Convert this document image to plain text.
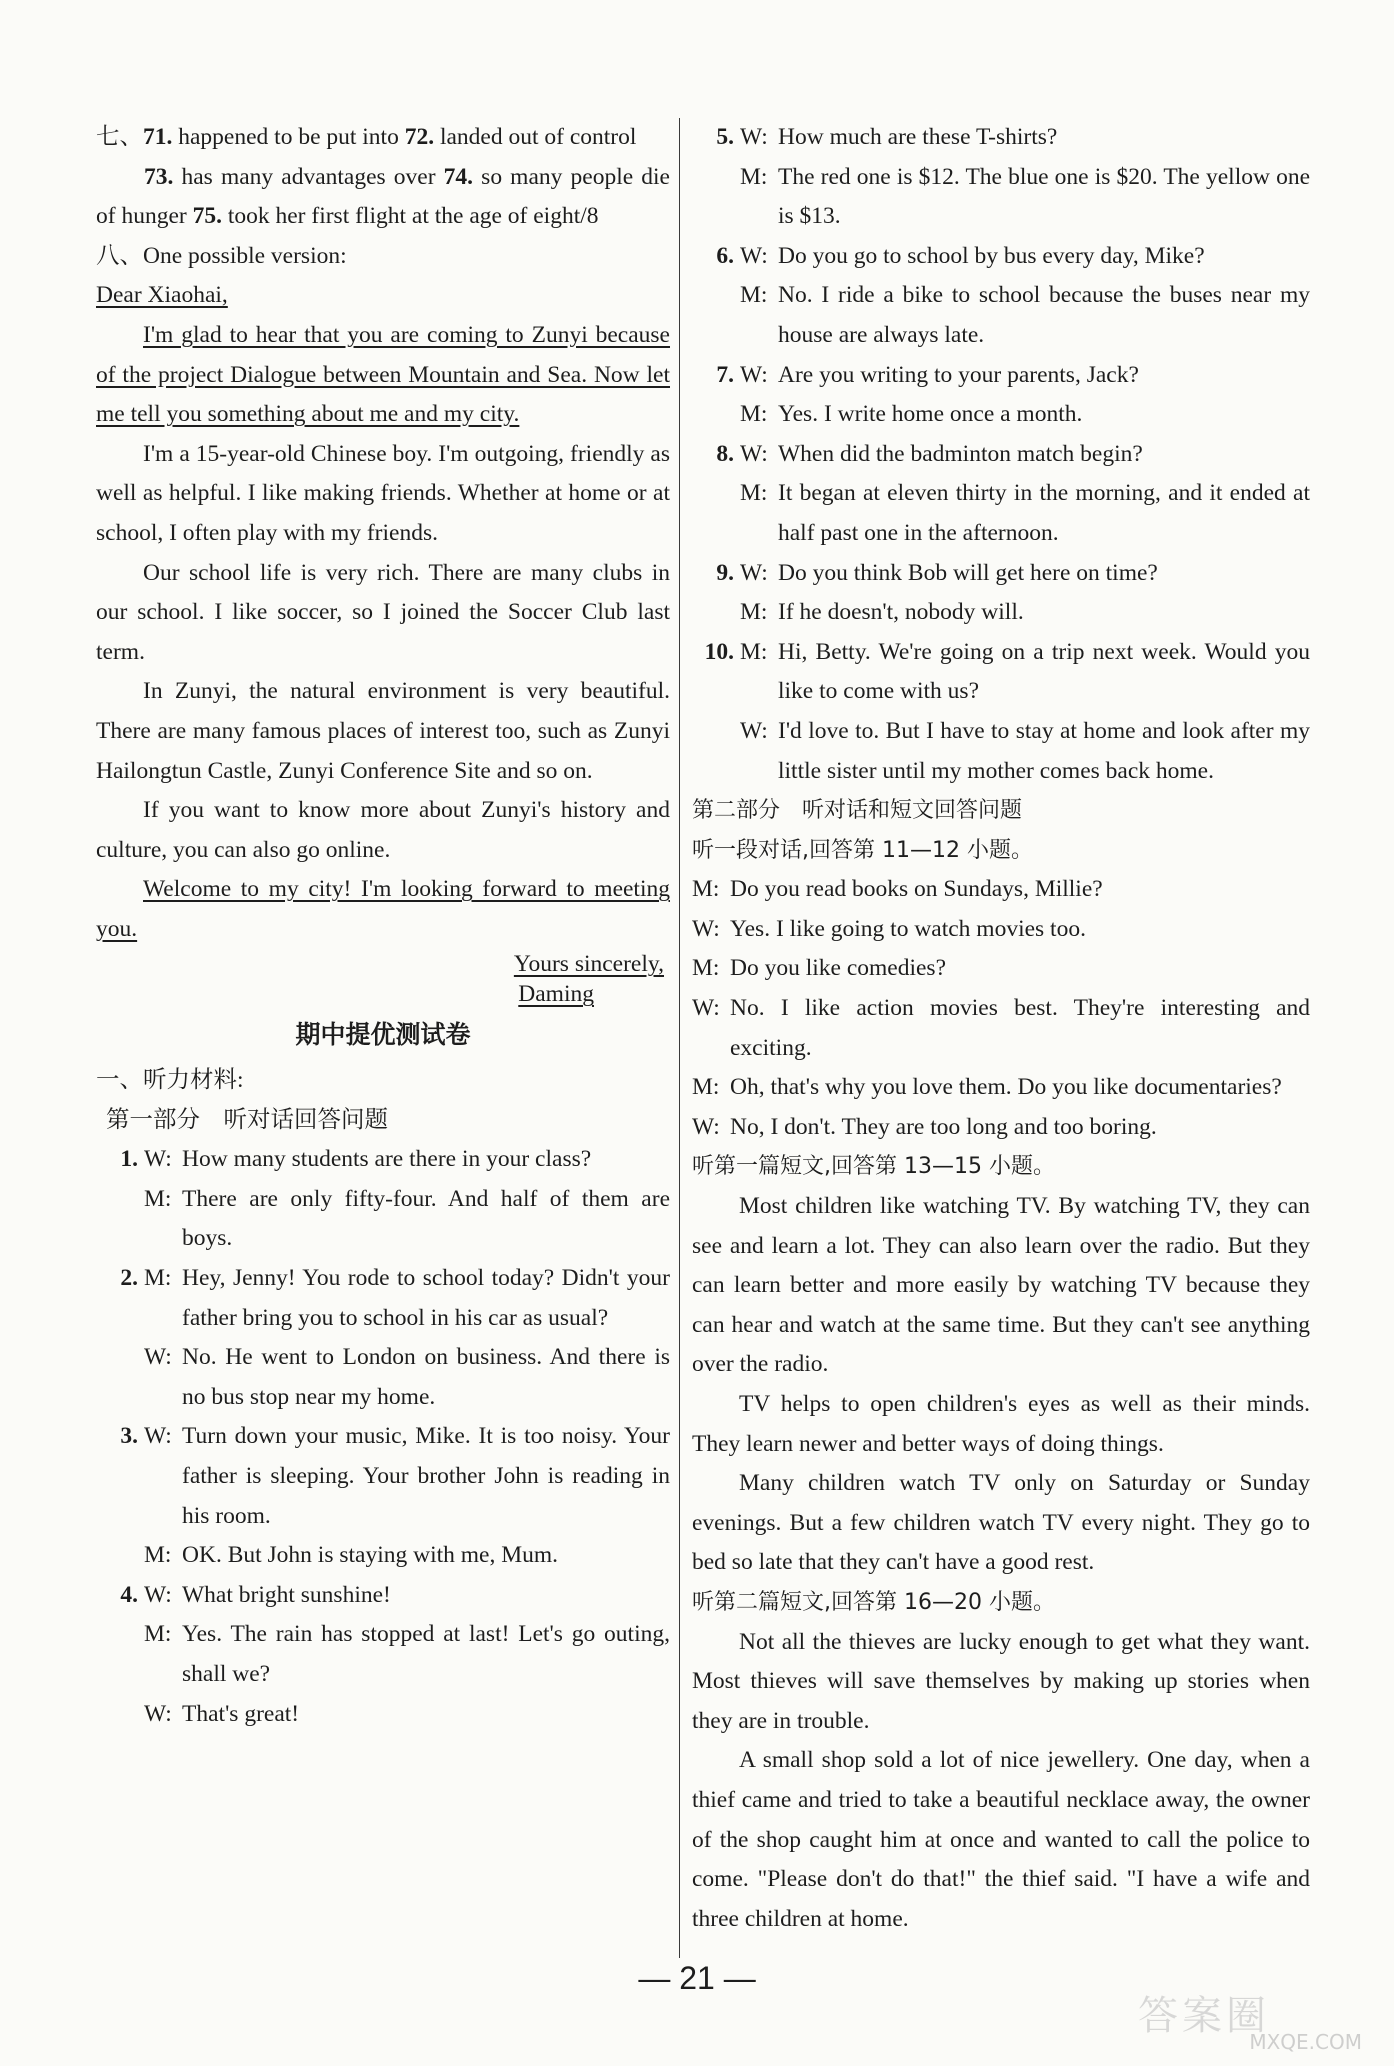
七、 71. happened to be put into 72. landed out of control

73. has many advantages over 74. so many people die of hunger 75. took her first flight at the age of eight/8

八、 One possible version:

Dear Xiaohai,

I'm glad to hear that you are coming to Zunyi because of the project Dialogue between Mountain and Sea. Now let me tell you something about me and my city.

I'm a 15-year-old Chinese boy. I'm outgoing, friendly as well as helpful. I like making friends. Whether at home or at school, I often play with my friends.

Our school life is very rich. There are many clubs in our school. I like soccer, so I joined the Soccer Club last term.

In Zunyi, the natural environment is very beautiful. There are many famous places of interest too, such as Zunyi Hailongtun Castle, Zunyi Conference Site and so on.

If you want to know more about Zunyi's history and culture, you can also go online.

Welcome to my city! I'm looking forward to meeting you.

Yours sincerely,

Daming

期中提优测试卷

一、听力材料:

第一部分　听对话回答问题

1. W: How many students are there in your class?
M: There are only fifty-four. And half of them are boys.
2. M: Hey, Jenny! You rode to school today? Didn't your father bring you to school in his car as usual?
W: No. He went to London on business. And there is no bus stop near my home.
3. W: Turn down your music, Mike. It is too noisy. Your father is sleeping. Your brother John is reading in his room.
M: OK. But John is staying with me, Mum.
4. W: What bright sunshine!
M: Yes. The rain has stopped at last! Let's go outing, shall we?
W: That's great!
5. W: How much are these T-shirts?
M: The red one is $12. The blue one is $20. The yellow one is $13.
6. W: Do you go to school by bus every day, Mike?
M: No. I ride a bike to school because the buses near my house are always late.
7. W: Are you writing to your parents, Jack?
M: Yes. I write home once a month.
8. W: When did the badminton match begin?
M: It began at eleven thirty in the morning, and it ended at half past one in the afternoon.
9. W: Do you think Bob will get here on time?
M: If he doesn't, nobody will.
10. M: Hi, Betty. We're going on a trip next week. Would you like to come with us?
W: I'd love to. But I have to stay at home and look after my little sister until my mother comes back home.

第二部分　听对话和短文回答问题

听一段对话,回答第 11—12 小题。

M: Do you read books on Sundays, Millie?
W: Yes. I like going to watch movies too.
M: Do you like comedies?
W: No. I like action movies best. They're interesting and exciting.
M: Oh, that's why you love them. Do you like documentaries?
W: No, I don't. They are too long and too boring.

听第一篇短文,回答第 13—15 小题。

Most children like watching TV. By watching TV, they can see and learn a lot. They can also learn over the radio. But they can learn better and more easily by watching TV because they can hear and watch at the same time. But they can't see anything over the radio.

TV helps to open children's eyes as well as their minds. They learn newer and better ways of doing things.

Many children watch TV only on Saturday or Sunday evenings. But a few children watch TV every night. They go to bed so late that they can't have a good rest.

听第二篇短文,回答第 16—20 小题。

Not all the thieves are lucky enough to get what they want. Most thieves will save themselves by making up stories when they are in trouble.

A small shop sold a lot of nice jewellery. One day, when a thief came and tried to take a beautiful necklace away, the owner of the shop caught him at once and wanted to call the police to come. "Please don't do that!" the thief said. "I have a wife and three children at home.

— 21 —
答案圈
MXQE.COM
